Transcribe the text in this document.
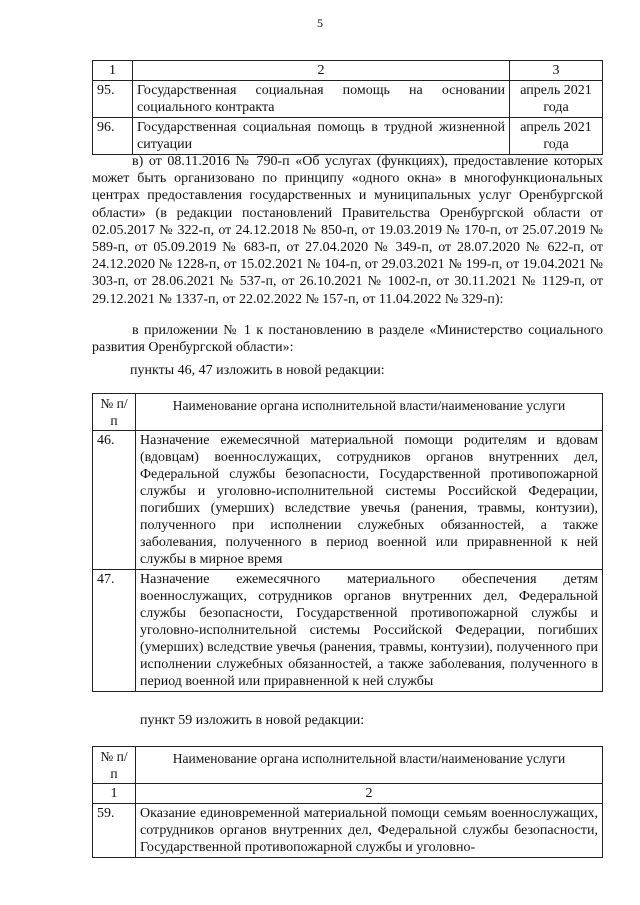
5
1	2	3
95.	Государственная социальная помощь на основании социального контракта	апрель 2021 года
96.	Государственная социальная помощь в трудной жизненной ситуации	апрель 2021 года
в) от 08.11.2016 № 790-п «Об услугах (функциях), предоставление которых может быть организовано по принципу «одного окна» в многофункциональных центрах предоставления государственных и муниципальных услуг Оренбургской области» (в редакции постановлений Правительства Оренбургской области от 02.05.2017 № 322-п, от 24.12.2018 № 850-п, от 19.03.2019 № 170-п, от 25.07.2019 № 589-п, от 05.09.2019 № 683-п, от 27.04.2020 № 349-п, от 28.07.2020 № 622-п, от 24.12.2020 № 1228-п, от 15.02.2021 № 104-п, от 29.03.2021 № 199-п, от 19.04.2021 № 303-п, от 28.06.2021 № 537-п, от 26.10.2021 № 1002-п, от 30.11.2021 № 1129-п, от 29.12.2021 № 1337-п, от 22.02.2022 № 157-п, от 11.04.2022 № 329-п):
в приложении № 1 к постановлению в разделе «Министерство социального развития Оренбургской области»:
пункты 46, 47 изложить в новой редакции:
№ п/п	Наименование органа исполнительной власти/наименование услуги
46.	Назначение ежемесячной материальной помощи родителям и вдовам (вдовцам) военнослужащих, сотрудников органов внутренних дел, Федеральной службы безопасности, Государственной противопожарной службы и уголовно-исполнительной системы Российской Федерации, погибших (умерших) вследствие увечья (ранения, травмы, контузии), полученного при исполнении служебных обязанностей, а также заболевания, полученного в период военной или приравненной к ней службы в мирное время
47.	Назначение ежемесячного материального обеспечения детям военнослужащих, сотрудников органов внутренних дел, Федеральной службы безопасности, Государственной противопожарной службы и уголовно-исполнительной системы Российской Федерации, погибших (умерших) вследствие увечья (ранения, травмы, контузии), полученного при исполнении служебных обязанностей, а также заболевания, полученного в период военной или приравненной к ней службы
пункт 59 изложить в новой редакции:
№ п/п	Наименование органа исполнительной власти/наименование услуги
1	2
59.	Оказание единовременной материальной помощи семьям военнослужащих, сотрудников органов внутренних дел, Федеральной службы безопасности, Государственной противопожарной службы и уголовно-
